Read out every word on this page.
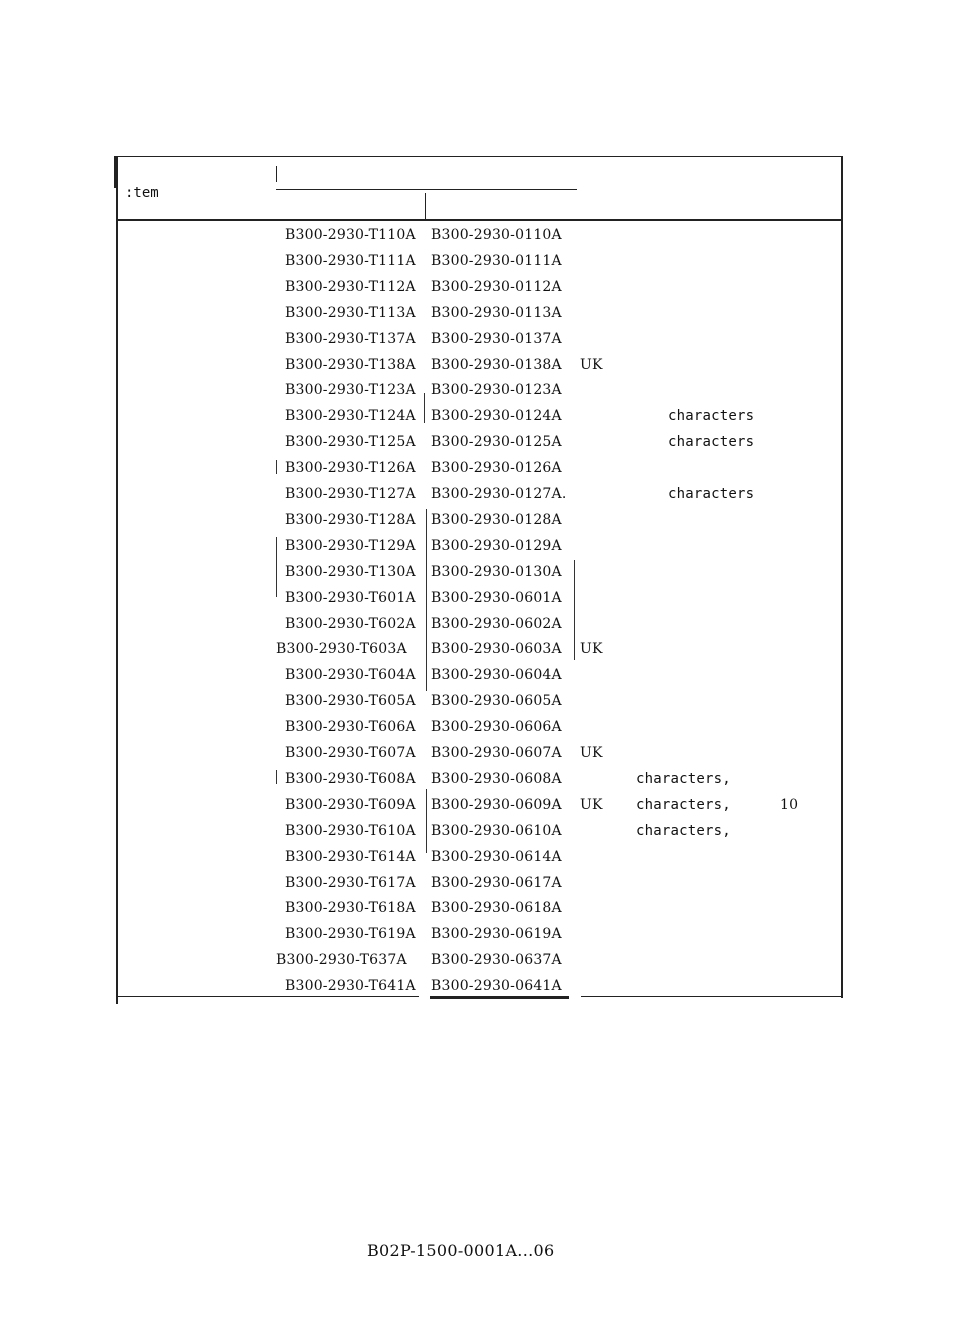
:tem
B300-2930-T110A B300-2930-0110A
B300-2930-T111A B300-2930-0111A
B300-2930-T112A B300-2930-0112A
B300-2930-T113A B300-2930-0113A
B300-2930-T137A B300-2930-0137A
B300-2930-T138A B300-2930-0138A UK
B300-2930-T123A B300-2930-0123A
B300-2930-T124A B300-2930-0124A	characters
B300-2930-T125A B300-2930-0125A	characters
B300-2930-T126A B300-2930-0126A
B300-2930-T127A B300-2930-0127A.	characters
B300-2930-T128A B300-2930-0128A
B300-2930-T129A B300-2930-0129A
B300-2930-T130A B300-2930-0130A
B300-2930-T601A B300-2930-0601A
B300-2930-T602A B300-2930-0602A
B300-2930-T603A B300-2930-0603A UK
B300-2930-T604A B300-2930-0604A
B300-2930-T605A B300-2930-0605A
B300-2930-T606A B300-2930-0606A
B300-2930-T607A B300-2930-0607A UK
B300-2930-T608A B300-2930-0608A	characters,
B300-2930-T609A B300-2930-0609A UK characters,	10
B300-2930-T610A B300-2930-0610A	characters,
B300-2930-T614A B300-2930-0614A
B300-2930-T617A B300-2930-0617A
B300-2930-T618A B300-2930-0618A
B300-2930-T619A B300-2930-0619A
B300-2930-T637A B300-2930-0637A
B300-2930-T641A B300-2930-0641A
B02P-1500-0001A...06
